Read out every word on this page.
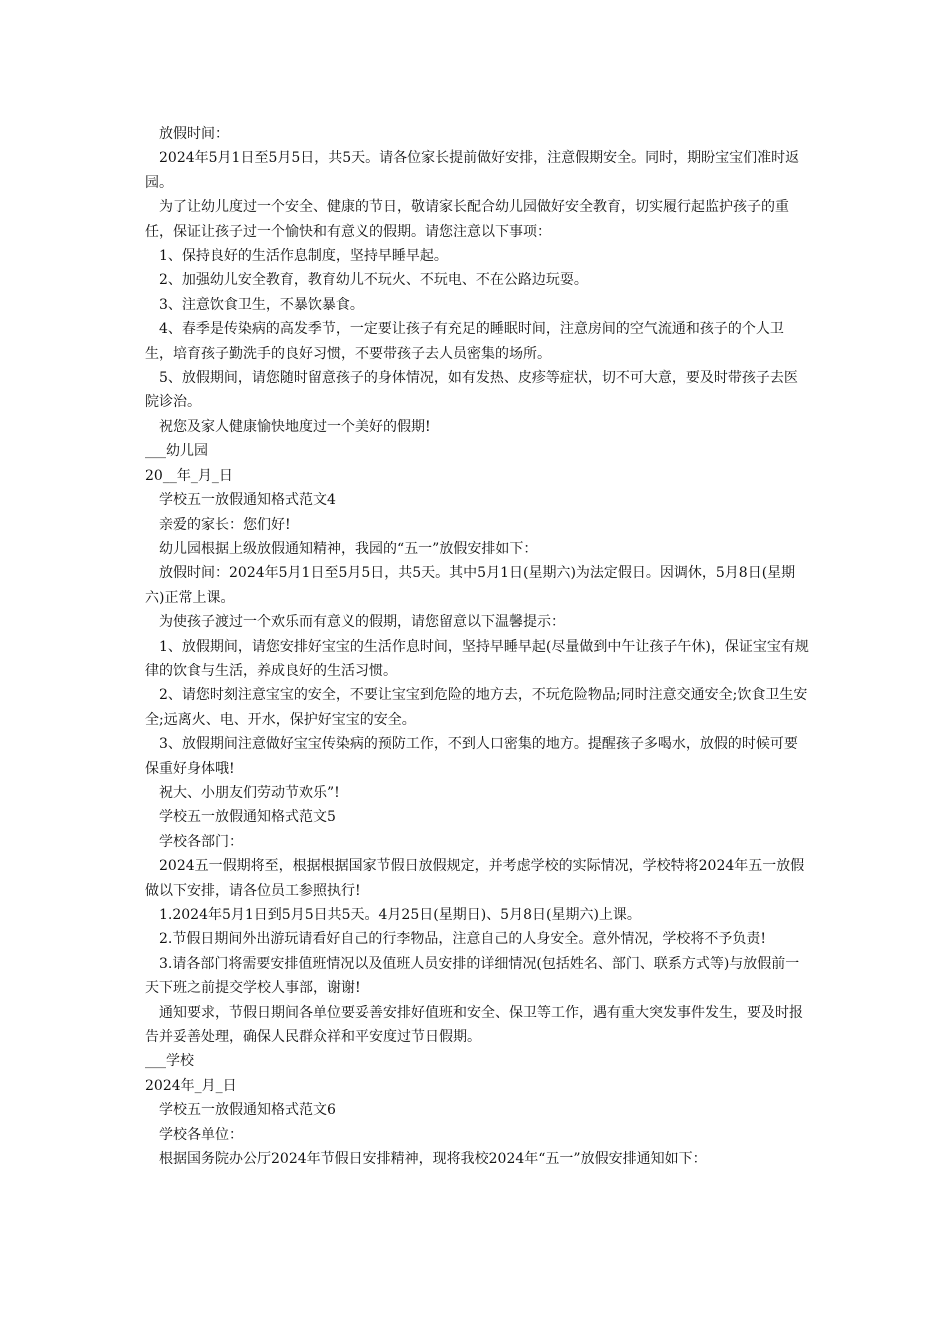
放假时间：

2024年5月1日至5月5日，共5天。请各位家长提前做好安排，注意假期安全。同时，期盼宝宝们准时返园。

为了让幼儿度过一个安全、健康的节日，敬请家长配合幼儿园做好安全教育，切实履行起监护孩子的重任，保证让孩子过一个愉快和有意义的假期。请您注意以下事项：

1、保持良好的生活作息制度，坚持早睡早起。

2、加强幼儿安全教育，教育幼儿不玩火、不玩电、不在公路边玩耍。

3、注意饮食卫生，不暴饮暴食。

4、春季是传染病的高发季节，一定要让孩子有充足的睡眠时间，注意房间的空气流通和孩子的个人卫生，培育孩子勤洗手的良好习惯，不要带孩子去人员密集的场所。

5、放假期间，请您随时留意孩子的身体情况，如有发热、皮疹等症状，切不可大意，要及时带孩子去医院诊治。

祝您及家人健康愉快地度过一个美好的假期!

___幼儿园

20__年_月_日

学校五一放假通知格式范文4

亲爱的家长：您们好!

幼儿园根据上级放假通知精神，我园的“五一”放假安排如下：

放假时间：2024年5月1日至5月5日，共5天。其中5月1日(星期六)为法定假日。因调休，5月8日(星期六)正常上课。

为使孩子渡过一个欢乐而有意义的假期，请您留意以下温馨提示：

1、放假期间，请您安排好宝宝的生活作息时间，坚持早睡早起(尽量做到中午让孩子午休)，保证宝宝有规律的饮食与生活，养成良好的生活习惯。

2、请您时刻注意宝宝的安全，不要让宝宝到危险的地方去，不玩危险物品;同时注意交通安全;饮食卫生安全;远离火、电、开水，保护好宝宝的安全。

3、放假期间注意做好宝宝传染病的预防工作，不到人口密集的地方。提醒孩子多喝水，放假的时候可要保重好身体哦!

祝大、小朋友们劳动节欢乐”!

学校五一放假通知格式范文5

学校各部门：

2024五一假期将至，根据根据国家节假日放假规定，并考虑学校的实际情况，学校特将2024年五一放假做以下安排，请各位员工参照执行!

1.2024年5月1日到5月5日共5天。4月25日(星期日)、5月8日(星期六)上课。

2.节假日期间外出游玩请看好自己的行李物品，注意自己的人身安全。意外情况，学校将不予负责!

3.请各部门将需要安排值班情况以及值班人员安排的详细情况(包括姓名、部门、联系方式等)与放假前一天下班之前提交学校人事部，谢谢!

通知要求，节假日期间各单位要妥善安排好值班和安全、保卫等工作，遇有重大突发事件发生，要及时报告并妥善处理，确保人民群众祥和平安度过节日假期。

___学校

2024年_月_日

学校五一放假通知格式范文6

学校各单位：

根据国务院办公厅2024年节假日安排精神，现将我校2024年“五一”放假安排通知如下：
